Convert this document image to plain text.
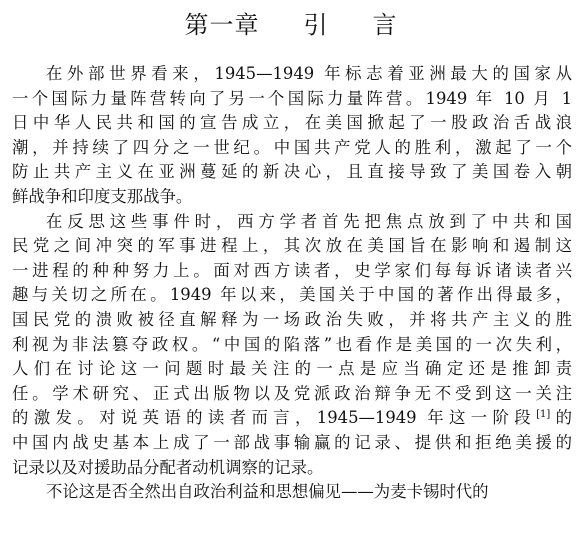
第一章 引 言
在外部世界看来，1945—1949 年标志着亚洲最大的国家从
一个国际力量阵营转向了另一个国际力量阵营。1949 年 10 月 1
日中华人民共和国的宣告成立，在美国掀起了一股政治舌战浪
潮，并持续了四分之一世纪。中国共产党人的胜利，激起了一个
防止共产主义在亚洲蔓延的新决心，且直接导致了美国卷入朝
鲜战争和印度支那战争。
在反思这些事件时，西方学者首先把焦点放到了中共和国
民党之间冲突的军事进程上，其次放在美国旨在影响和遏制这
一进程的种种努力上。面对西方读者，史学家们每每诉诸读者兴
趣与关切之所在。1949 年以来，美国关于中国的著作出得最多，
国民党的溃败被径直解释为一场政治失败，并将共产主义的胜
利视为非法篡夺政权。“中国的陷落”也看作是美国的一次失利，
人们在讨论这一问题时最关注的一点是应当确定还是推卸责
任。学术研究、正式出版物以及党派政治辩争无不受到这一关注
的激发。对说英语的读者而言，1945—1949 年这一阶段[1]的
中国内战史基本上成了一部战事输赢的记录、提供和拒绝美援的
记录以及对援助品分配者动机调察的记录。
不论这是否全然出自政治利益和思想偏见——为麦卡锡时代的
